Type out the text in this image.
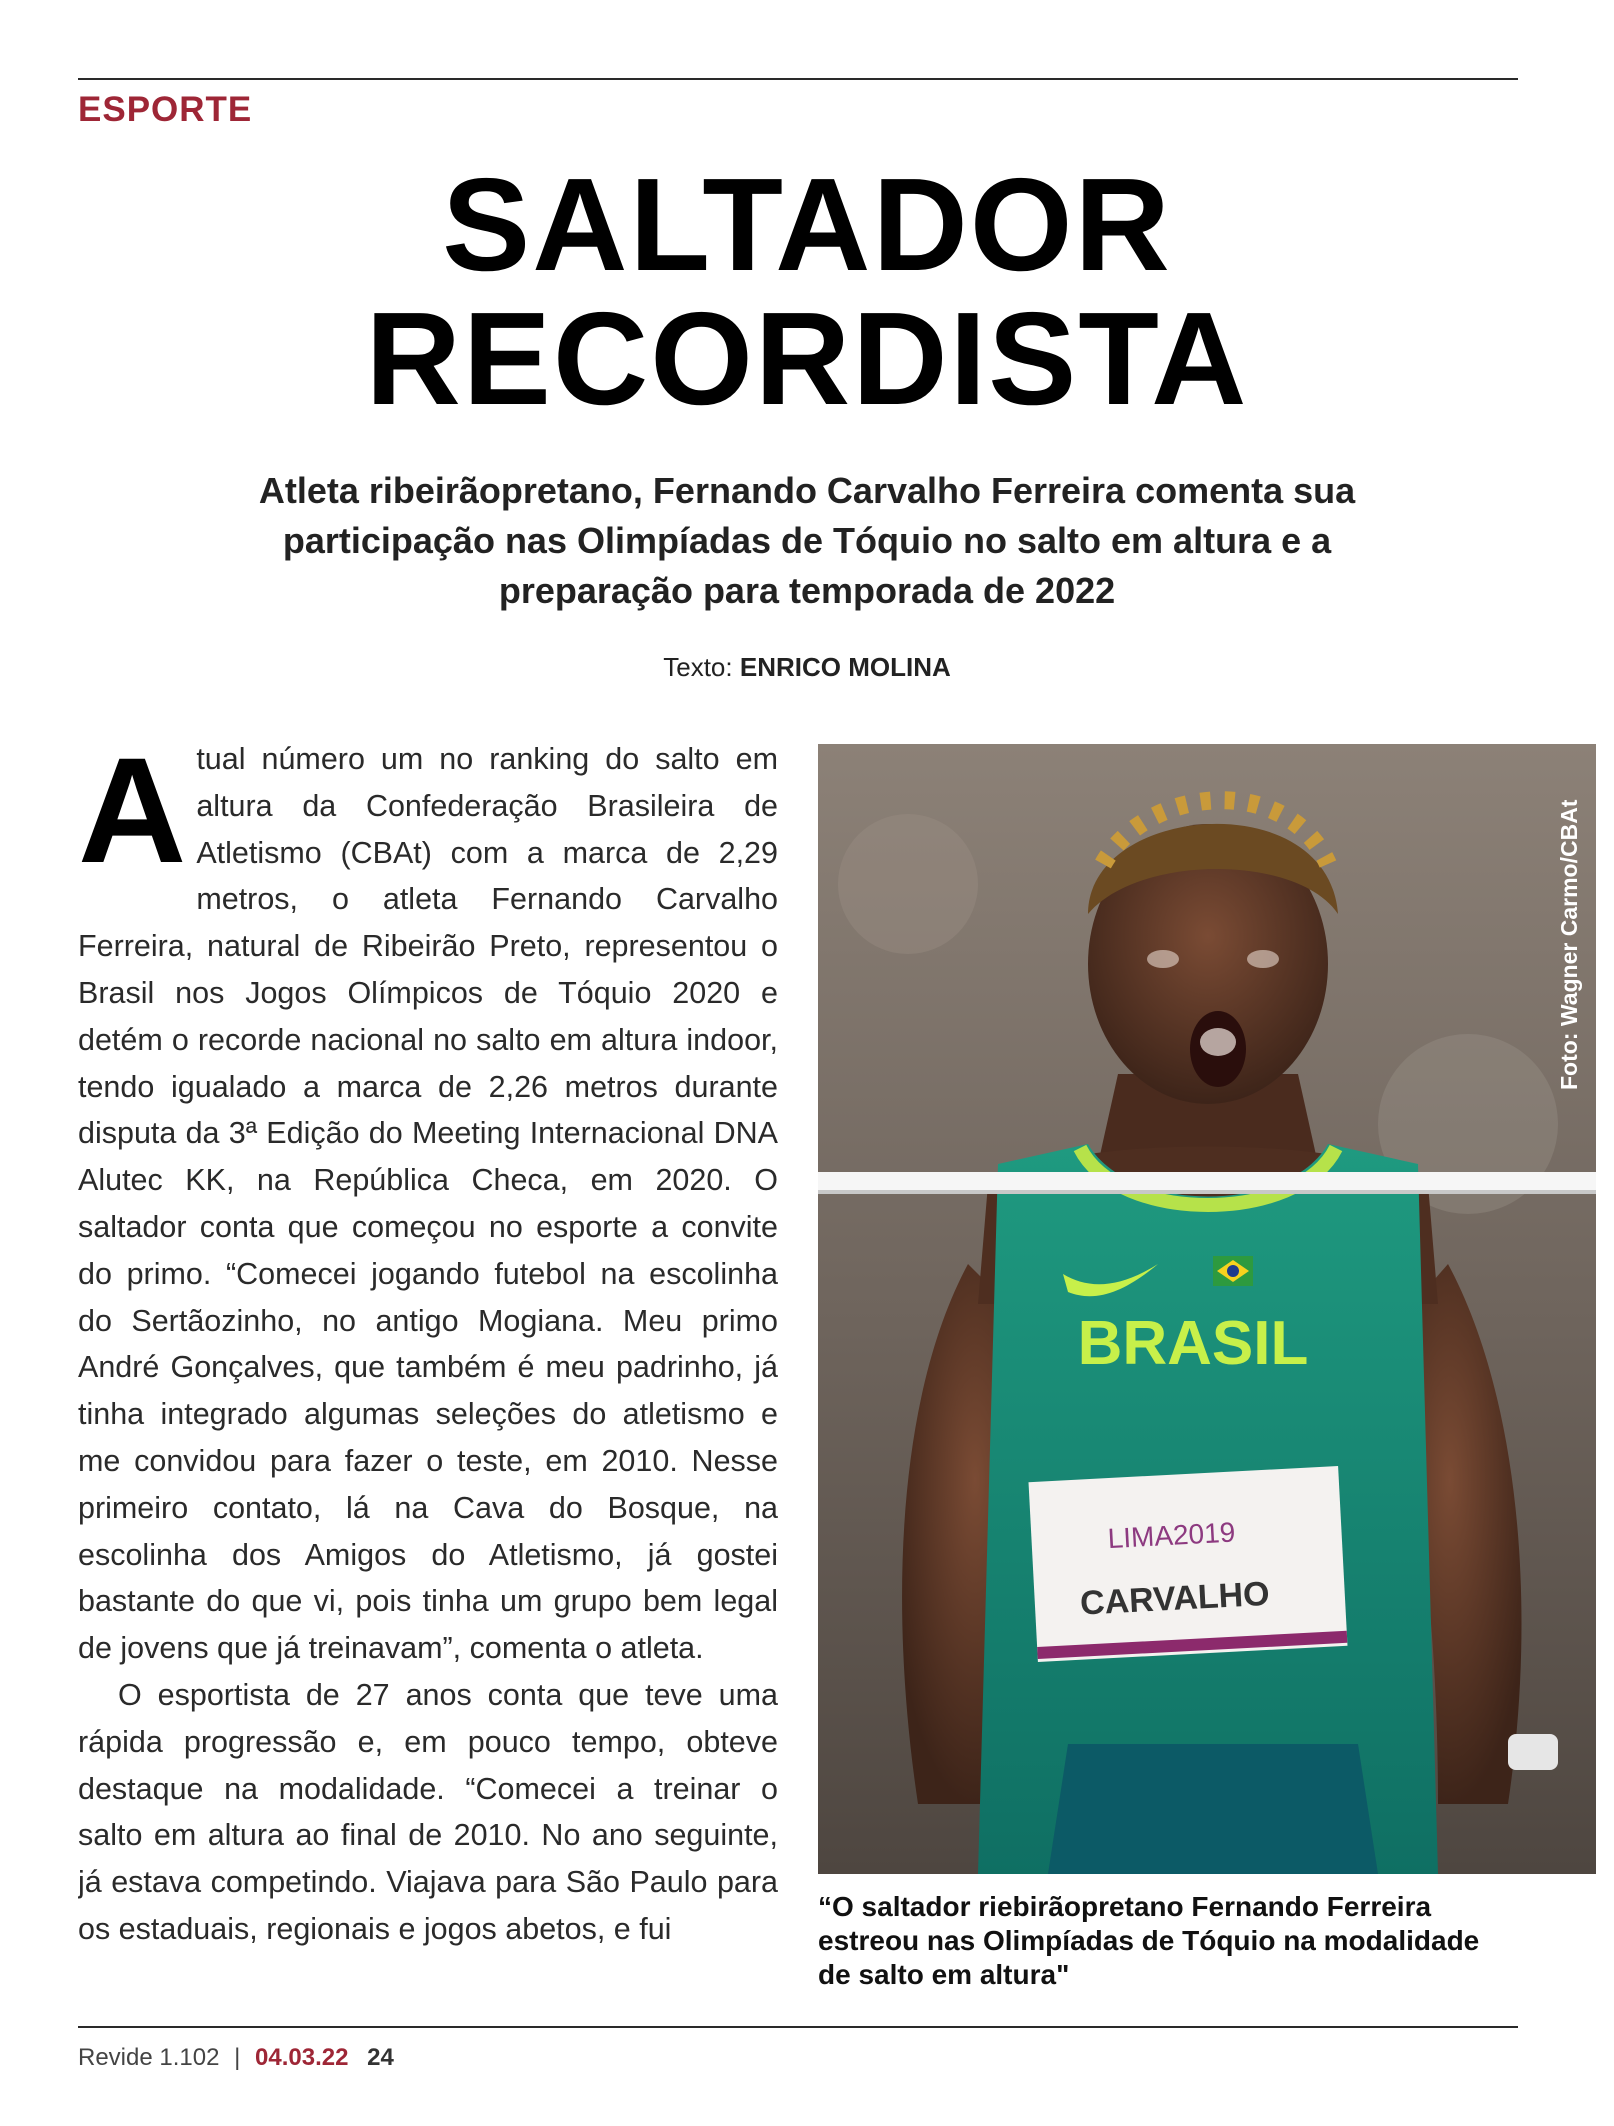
ESPORTE
SALTADOR
RECORDISTA

Atleta ribeirãopretano, Fernando Carvalho Ferreira comenta sua participação nas Olimpíadas de Tóquio no salto em altura e a preparação para temporada de 2022

Texto: ENRICO MOLINA

A tual número um no ranking do salto em altura da Confederação Brasileira de Atletismo (CBAt) com a marca de 2,29 metros, o atleta Fernando Carvalho Ferreira, natural de Ribeirão Preto, representou o Brasil nos Jogos Olímpicos de Tóquio 2020 e detém o recorde nacional no salto em altura indoor, tendo igualado a marca de 2,26 metros durante disputa da 3ª Edição do Meeting Internacional DNA Alutec KK, na República Checa, em 2020. O saltador conta que começou no esporte a convite do primo. “Comecei jogando futebol na escolinha do Sertãozinho, no antigo Mogiana. Meu primo André Gonçalves, que também é meu padrinho, já tinha integrado algumas seleções do atletismo e me convidou para fazer o teste, em 2010. Nesse primeiro contato, lá na Cava do Bosque, na escolinha dos Amigos do Atletismo, já gostei bastante do que vi, pois tinha um grupo bem legal de jovens que já treinavam”, comenta o atleta.

O esportista de 27 anos conta que teve uma rápida progressão e, em pouco tempo, obteve destaque na modalidade. “Comecei a treinar o salto em altura ao final de 2010. No ano seguinte, já estava competindo. Viajava para São Paulo para os estaduais, regionais e jogos abetos, e fui

BRASIL
LIMA2019
CARVALHO
Foto: Wagner Carmo/CBAt

“O saltador riebirãopretano Fernando Ferreira estreou nas Olimpíadas de Tóquio na modalidade de salto em altura"

Revide 1.102 | 04.03.22 24
